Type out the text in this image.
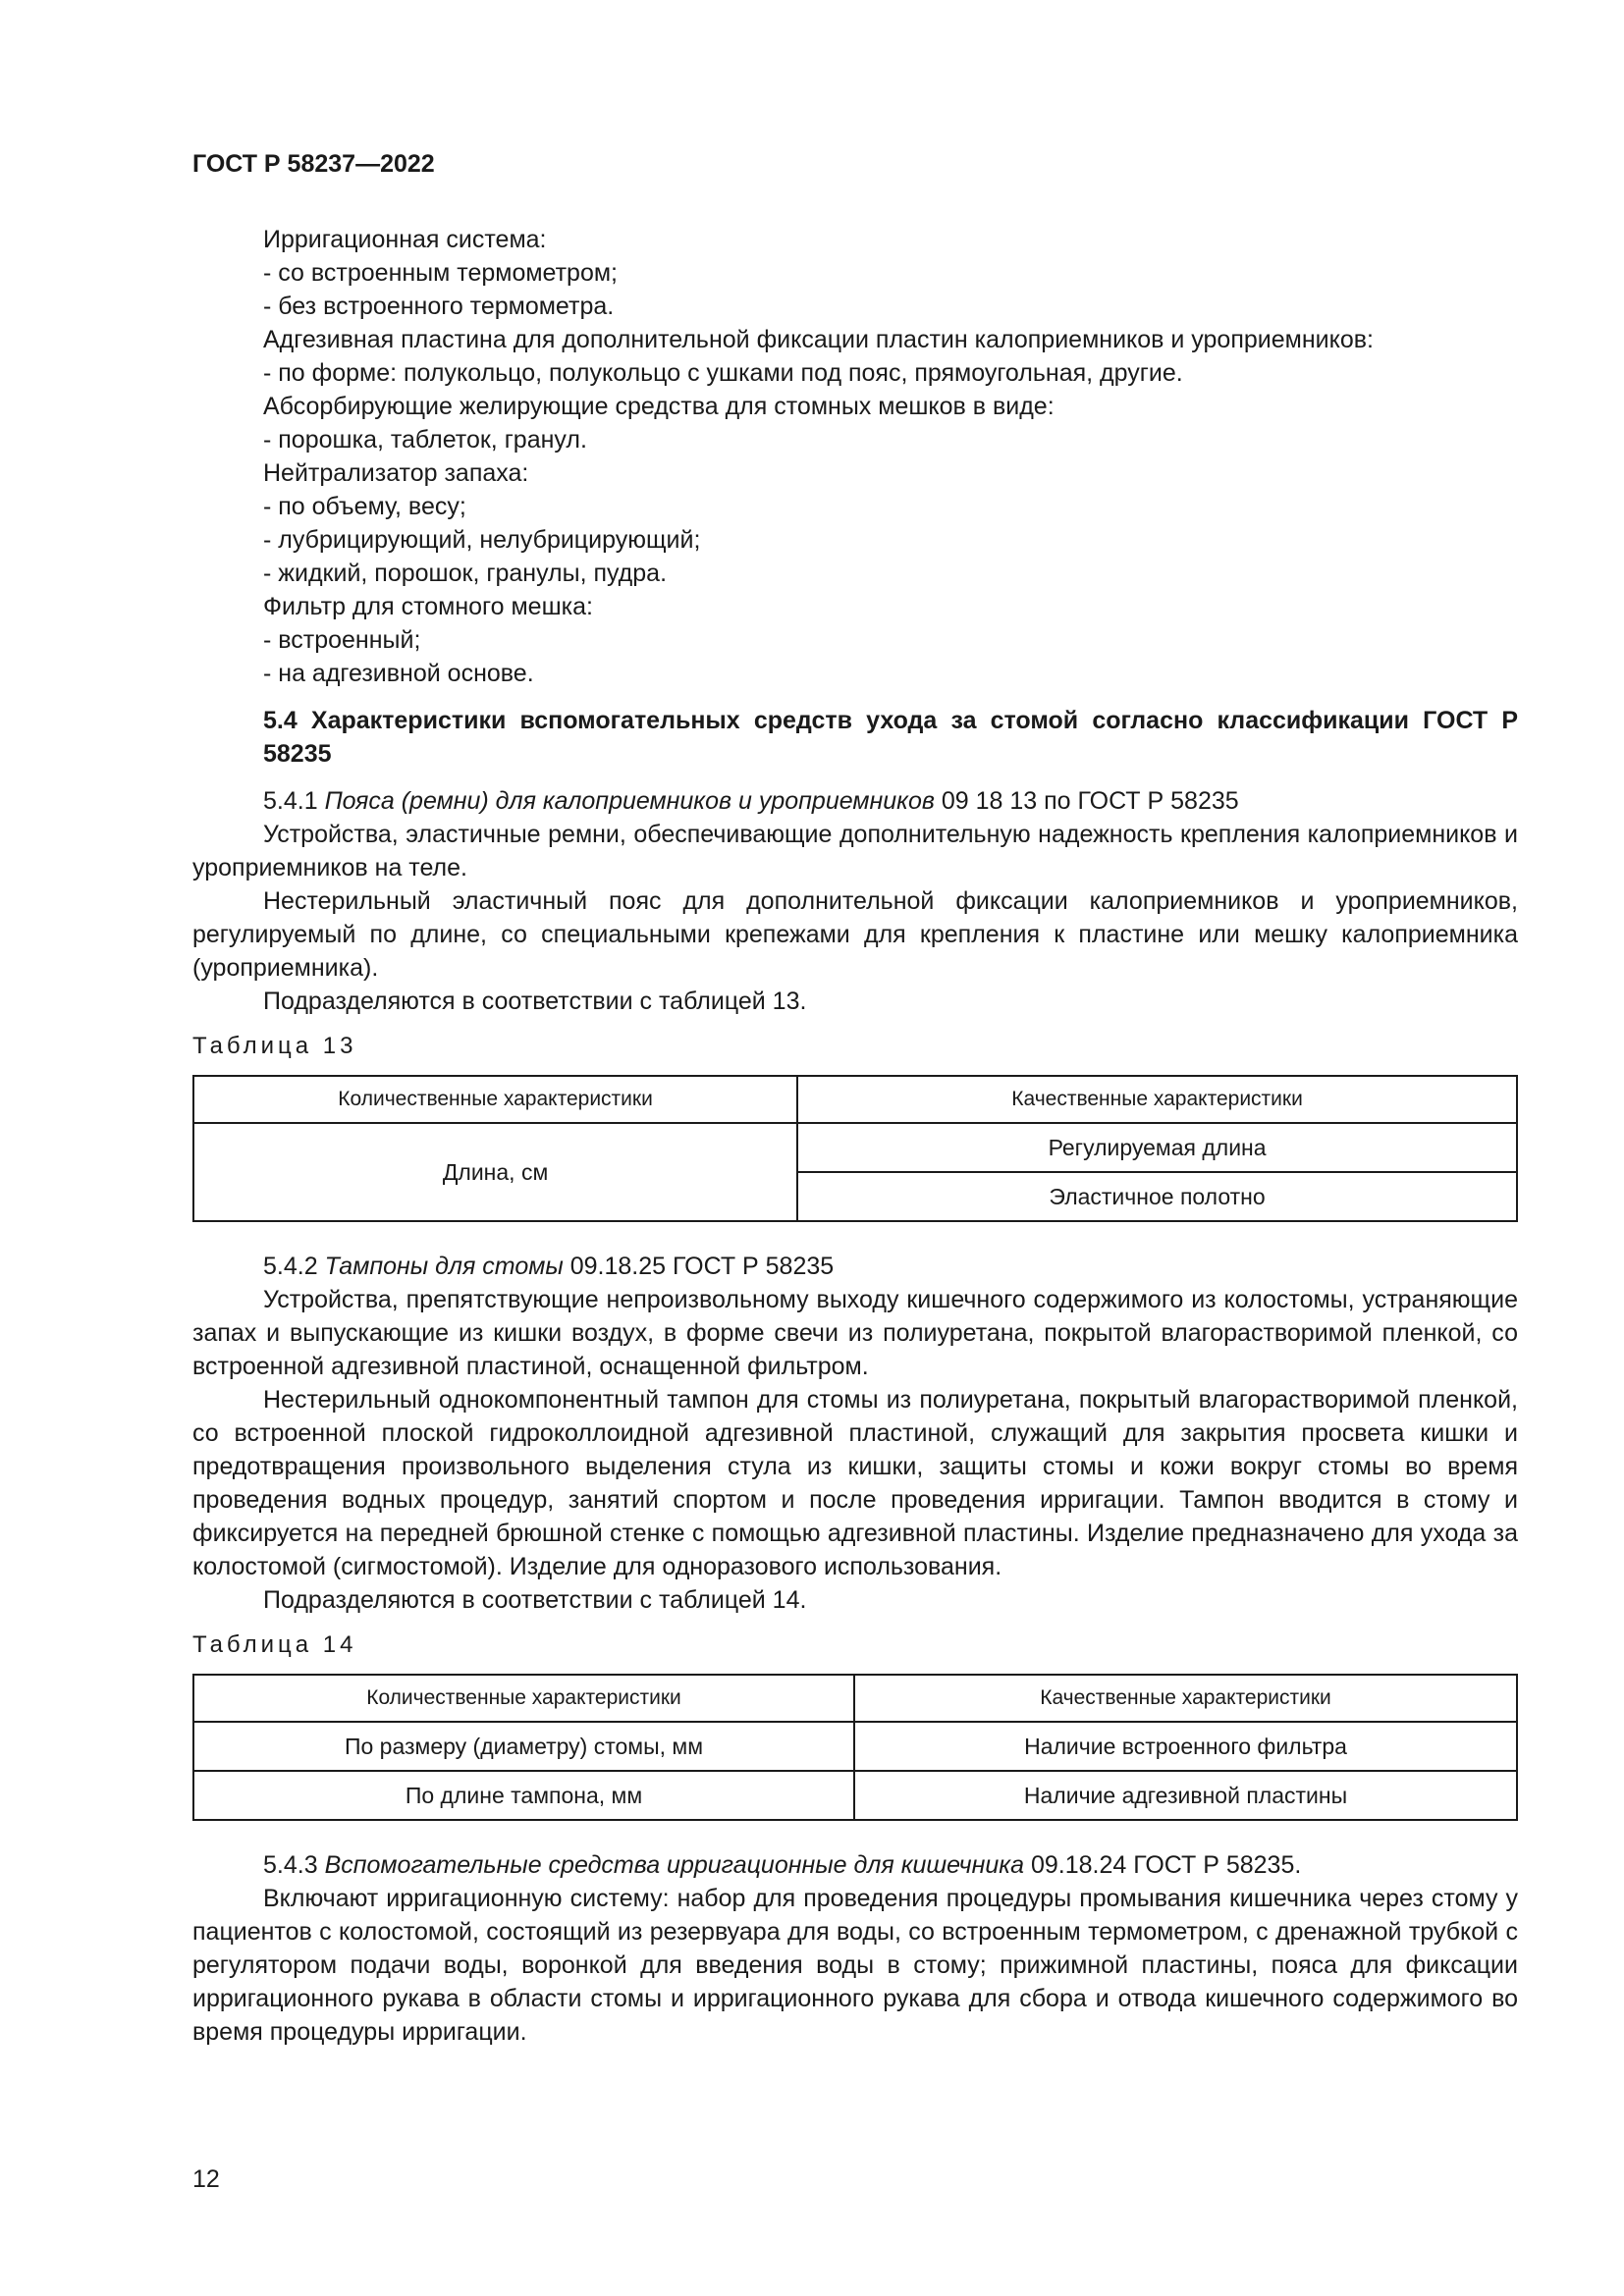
ГОСТ Р 58237—2022

Ирригационная система:

- со встроенным термометром;

- без встроенного термометра.

Адгезивная пластина для дополнительной фиксации пластин калоприемников и уроприемников:

- по форме: полукольцо, полукольцо с ушками под пояс, прямоугольная, другие.

Абсорбирующие желирующие средства для стомных мешков в виде:

- порошка, таблеток, гранул.

Нейтрализатор запаха:

- по объему, весу;

- лубрицирующий, нелубрицирующий;

- жидкий, порошок, гранулы, пудра.

Фильтр для стомного мешка:

- встроенный;

- на адгезивной основе.

5.4 Характеристики вспомогательных средств ухода за стомой согласно классификации ГОСТ Р 58235

5.4.1 Пояса (ремни) для калоприемников и уроприемников 09 18 13 по ГОСТ Р 58235

Устройства, эластичные ремни, обеспечивающие дополнительную надежность крепления калоприемников и уроприемников на теле.

Нестерильный эластичный пояс для дополнительной фиксации калоприемников и уроприемников, регулируемый по длине, со специальными крепежами для крепления к пластине или мешку калоприемника (уроприемника).

Подразделяются в соответствии с таблицей 13.

Таблица 13

Количественные характеристики	Качественные характеристики
Длина, см	Регулируемая длина
	Эластичное полотно

5.4.2 Тампоны для стомы 09.18.25 ГОСТ Р 58235

Устройства, препятствующие непроизвольному выходу кишечного содержимого из колостомы, устраняющие запах и выпускающие из кишки воздух, в форме свечи из полиуретана, покрытой влагорастворимой пленкой, со встроенной адгезивной пластиной, оснащенной фильтром.

Нестерильный однокомпонентный тампон для стомы из полиуретана, покрытый влагорастворимой пленкой, со встроенной плоской гидроколлоидной адгезивной пластиной, служащий для закрытия просвета кишки и предотвращения произвольного выделения стула из кишки, защиты стомы и кожи вокруг стомы во время проведения водных процедур, занятий спортом и после проведения ирригации. Тампон вводится в стому и фиксируется на передней брюшной стенке с помощью адгезивной пластины. Изделие предназначено для ухода за колостомой (сигмостомой). Изделие для одноразового использования.

Подразделяются в соответствии с таблицей 14.

Таблица 14

Количественные характеристики	Качественные характеристики
По размеру (диаметру) стомы, мм	Наличие встроенного фильтра
По длине тампона, мм	Наличие адгезивной пластины

5.4.3 Вспомогательные средства ирригационные для кишечника 09.18.24 ГОСТ Р 58235.

Включают ирригационную систему: набор для проведения процедуры промывания кишечника через стому у пациентов с колостомой, состоящий из резервуара для воды, со встроенным термометром, с дренажной трубкой с регулятором подачи воды, воронкой для введения воды в стому; прижимной пластины, пояса для фиксации ирригационного рукава в области стомы и ирригационного рукава для сбора и отвода кишечного содержимого во время процедуры ирригации.

12
